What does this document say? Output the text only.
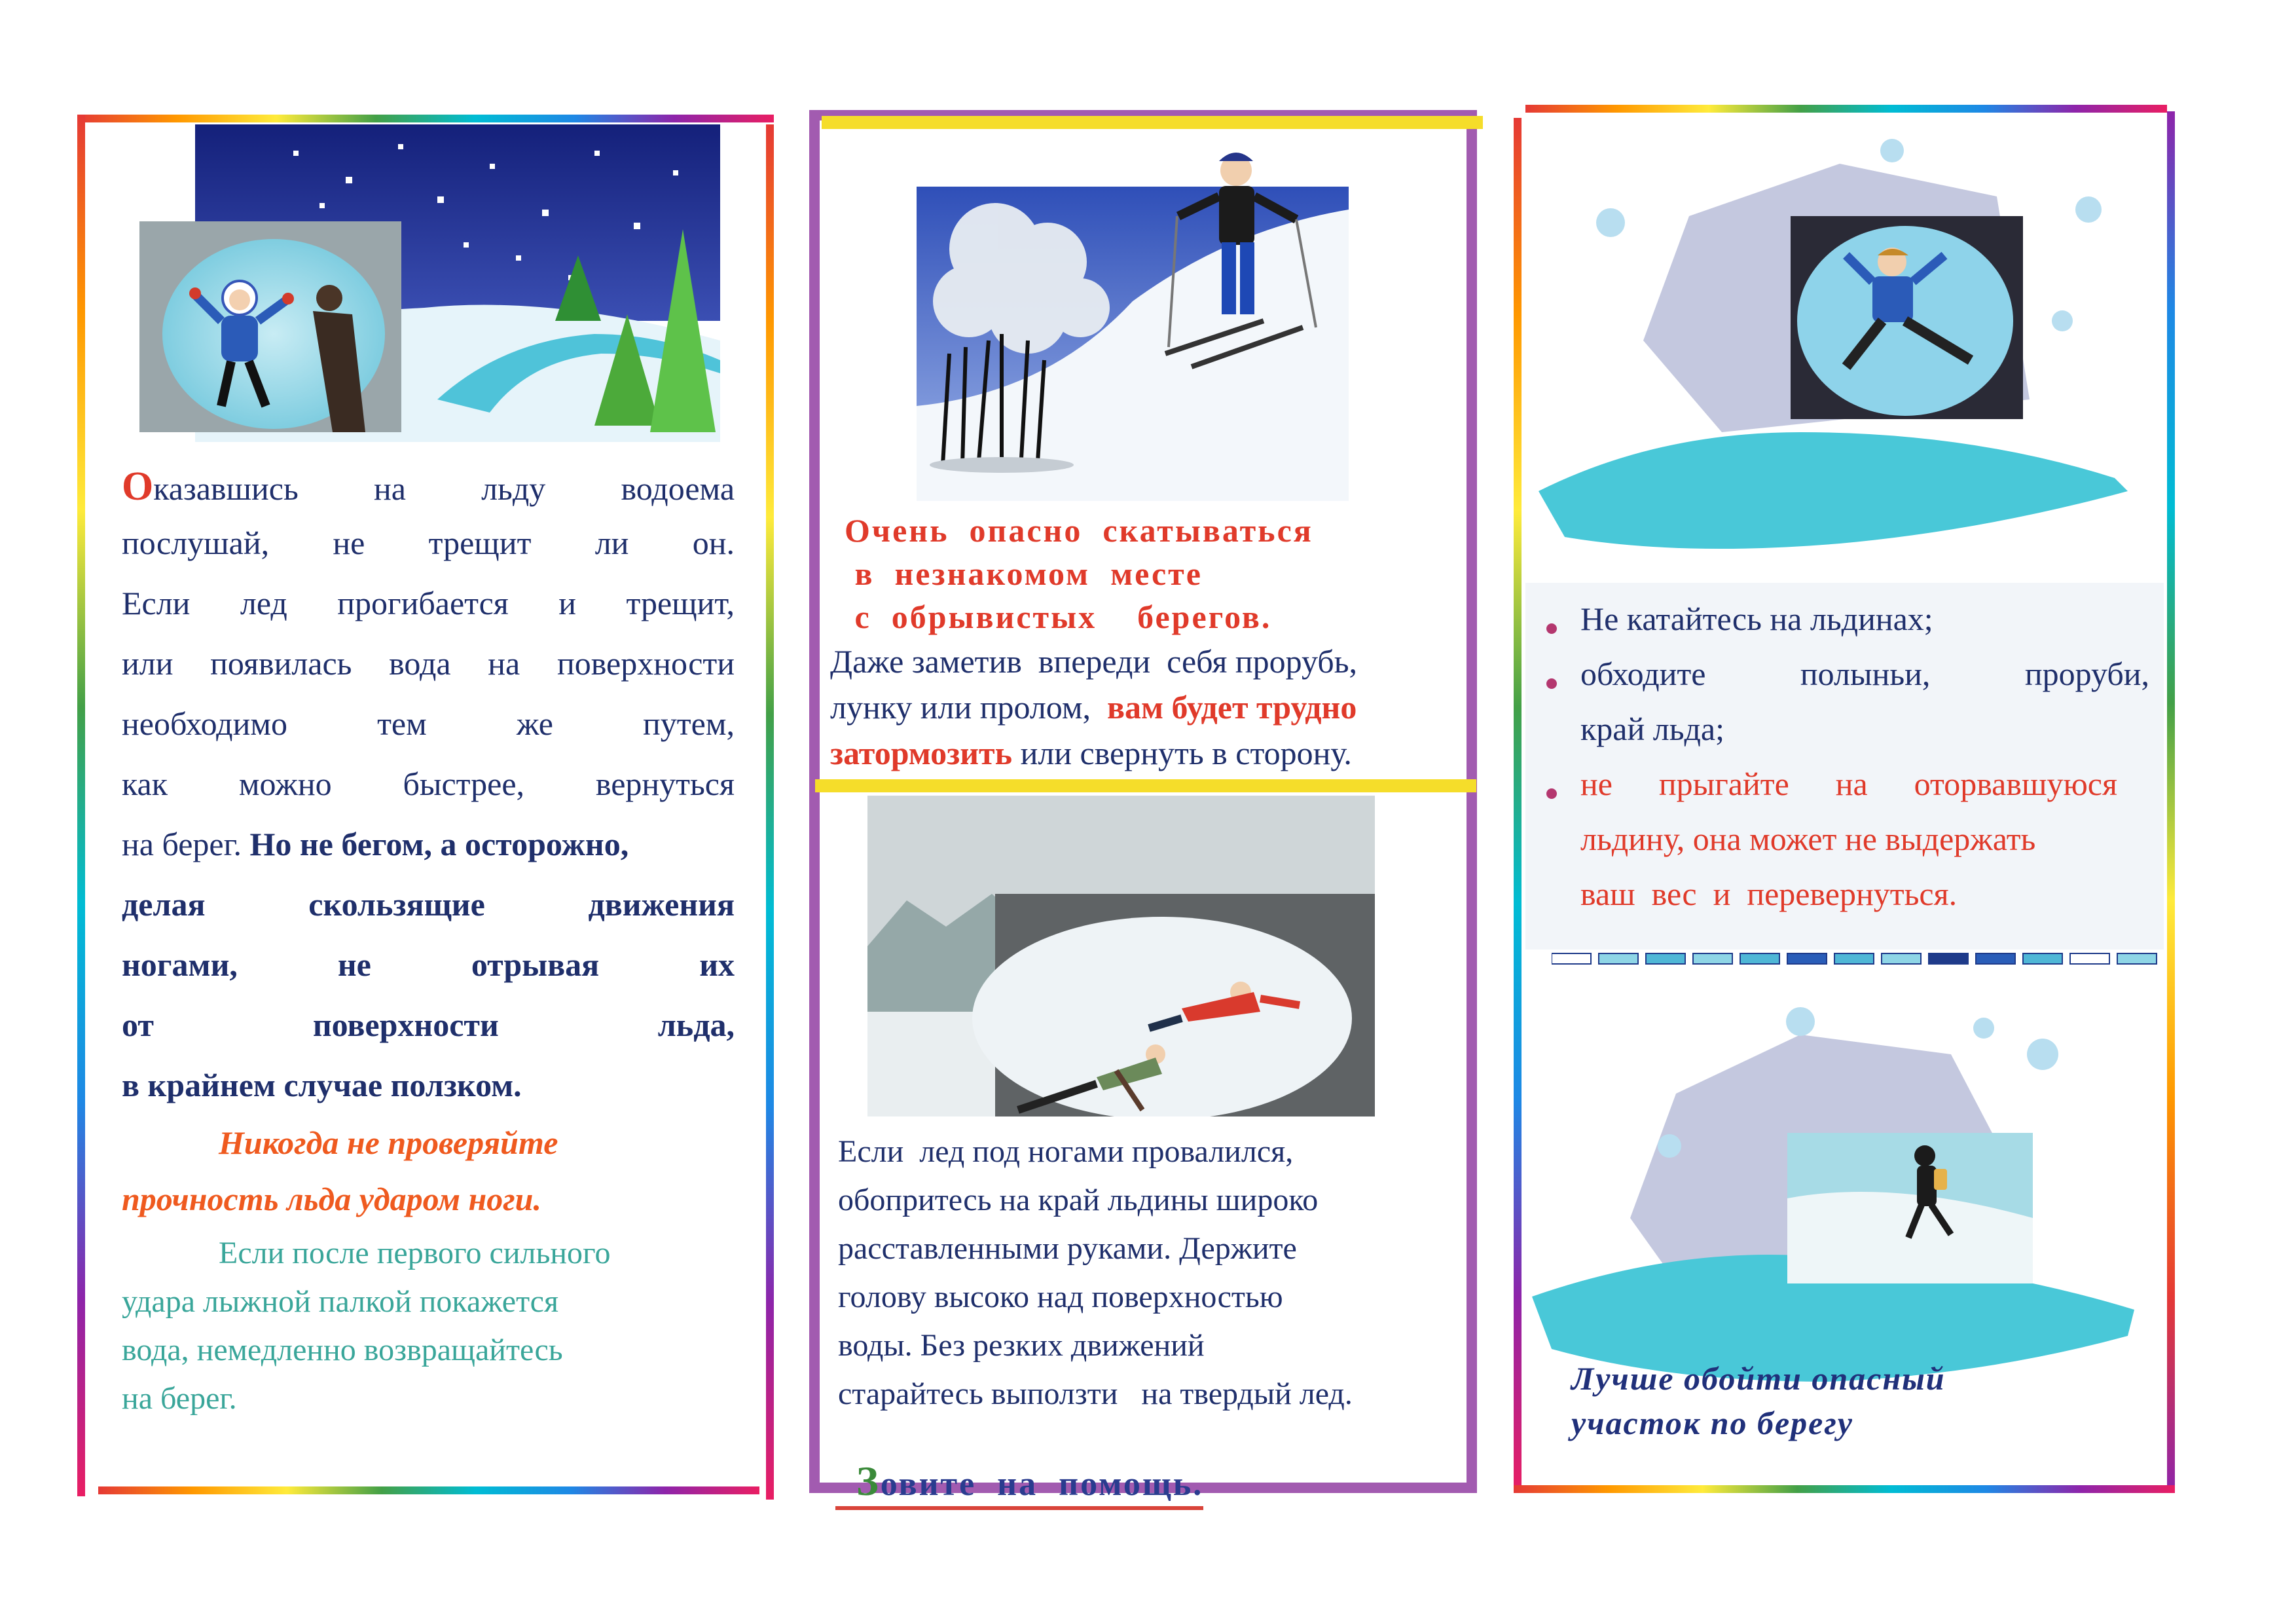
Оказавшись на льду водоема
послушай, не трещит ли он.
Если лед прогибается и трещит,
или появилась вода на поверхности
необходимо	тем	же	путем,
как можно быстрее, вернуться
на берег. Но не бегом, а осторожно,
делая	скользящие	движения
ногами,	не	отрывая	их
от	поверхности	льда,
в крайнем случае ползком.
Никогда не проверяйте
прочность льда ударом ноги.
Если после первого сильного
удара лыжной палкой покажется
вода, немедленно возвращайтесь
на берег.
Очень  опасно  скатываться
в  незнакомом  месте
с  обрывистых    берегов.
Даже заметив  впереди  себя прорубь,
лунку или пролом, вам будет трудно
затормозить или свернуть в сторону.
Если  лед под ногами провалился,
обопритесь на край льдины широко
расставленными руками. Держите
голову высоко над поверхностью
воды. Без резких движений
старайтесь выползти   на твердый лед.

Зовите  на  помощь.

Не катайтесь на льдинах;
обходите	полыньи,	проруби,
край льда;
не прыгайте на оторвавшуюся
льдину, она может не выдержать
ваш  вес  и  перевернуться.
Лучше обойти опасный
участок по берегу
